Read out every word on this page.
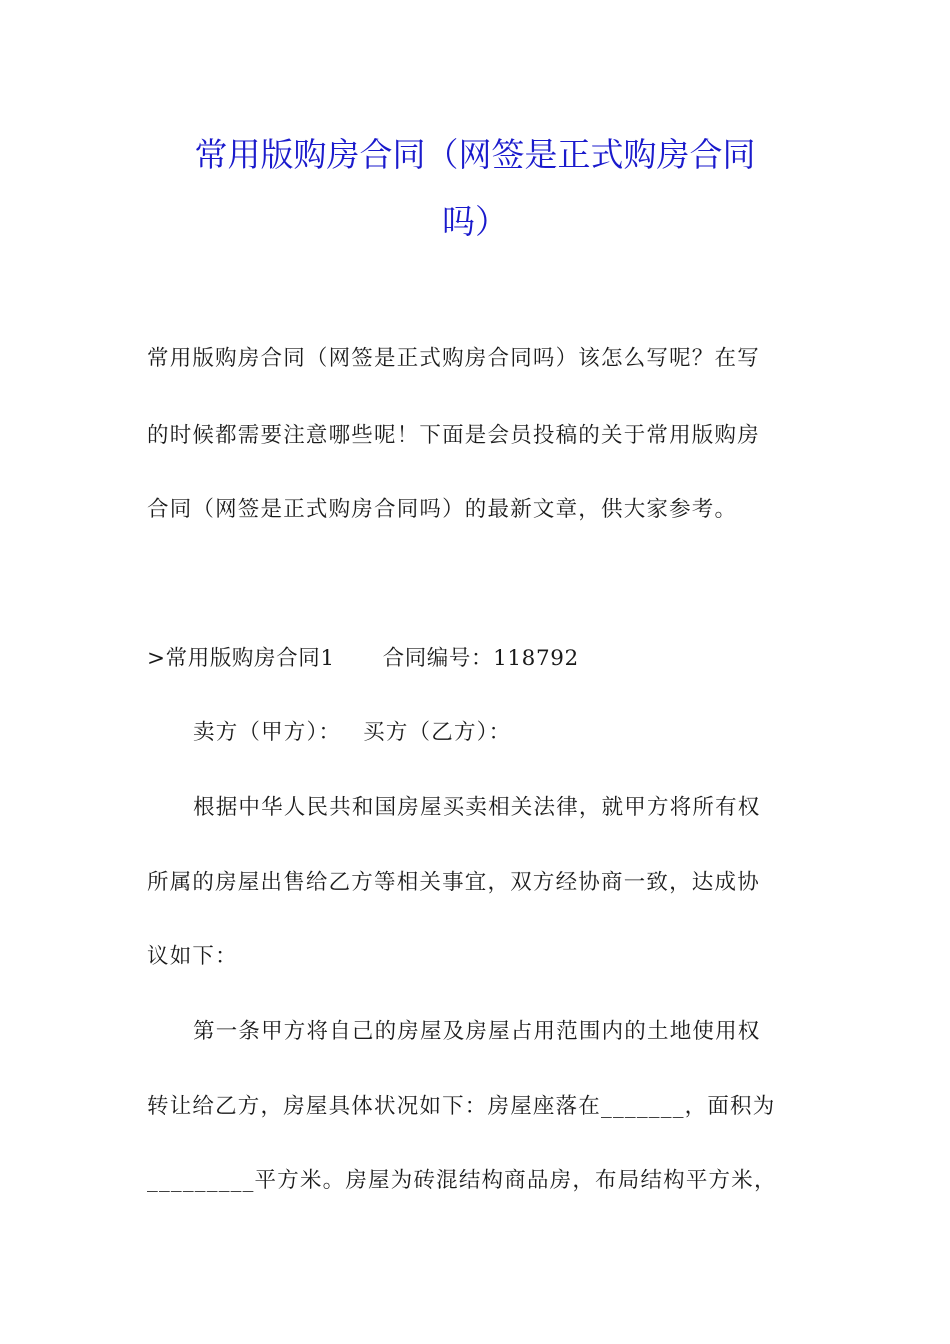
常用版购房合同（网签是正式购房合同
吗）
常用版购房合同（网签是正式购房合同吗）该怎么写呢？在写
的时候都需要注意哪些呢！下面是会员投稿的关于常用版购房
合同（网签是正式购房合同吗）的最新文章，供大家参考。
>常用版购房合同1 合同编号：118792
卖方（甲方）： 买方（乙方）：
根据中华人民共和国房屋买卖相关法律，就甲方将所有权
所属的房屋出售给乙方等相关事宜，双方经协商一致，达成协
议如下：
第一条甲方将自己的房屋及房屋占用范围内的土地使用权
转让给乙方，房屋具体状况如下：房屋座落在_______，面积为
_________平方米。房屋为砖混结构商品房，布局结构平方米，
